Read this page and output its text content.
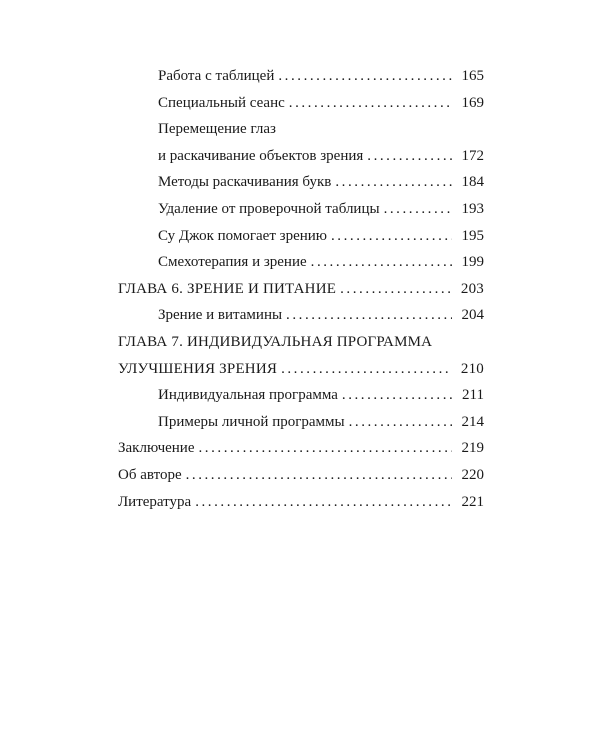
Работа с таблицей . . .	165
Специальный сеанс . . .	169
Перемещение глаз
и раскачивание объектов зрения . . .	172
Методы раскачивания букв . . .	184
Удаление от проверочной таблицы . . .	193
Су Джок помогает зрению . . .	195
Смехотерапия и зрение . . .	199
ГЛАВА 6. ЗРЕНИЕ И ПИТАНИЕ . . .	203
Зрение и витамины . . .	204
ГЛАВА 7. ИНДИВИДУАЛЬНАЯ ПРОГРАММА
УЛУЧШЕНИЯ ЗРЕНИЯ . . .	210
Индивидуальная программа . . .	211
Примеры личной программы . . .	214
Заключение . . .	219
Об авторе . . .	220
Литература . . .	221
